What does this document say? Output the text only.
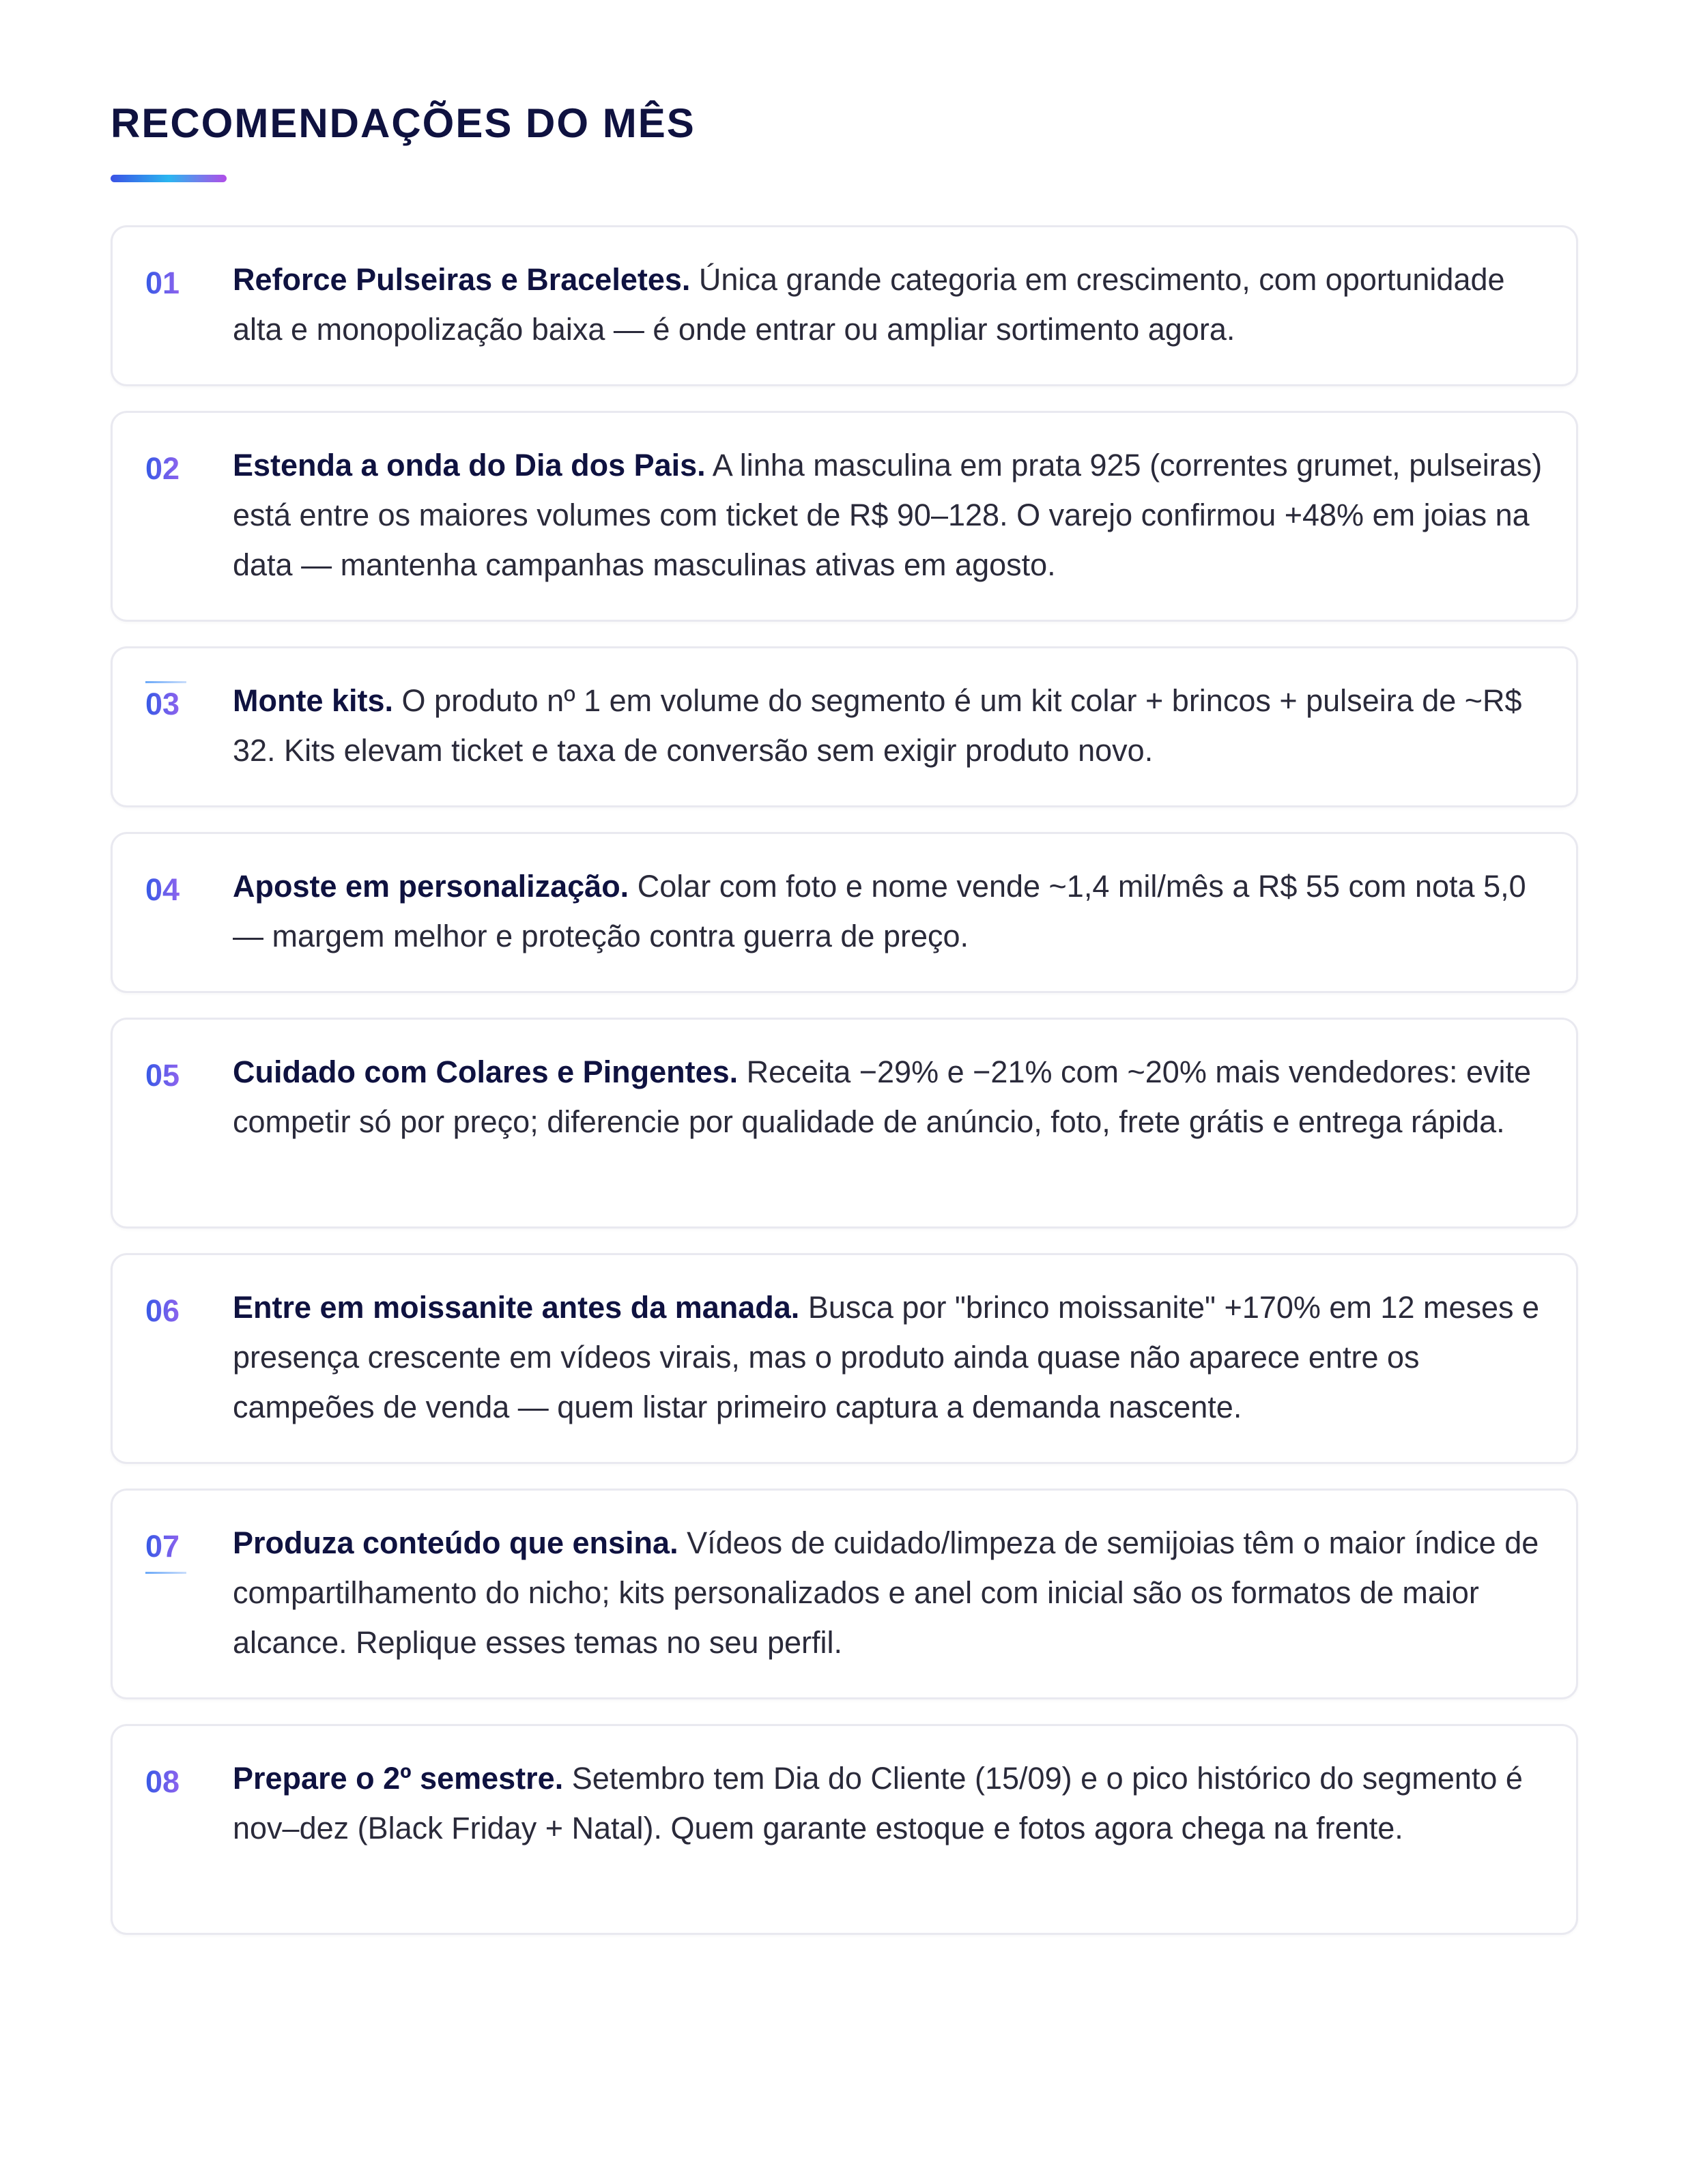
RECOMENDAÇÕES DO MÊS
01 Reforce Pulseiras e Braceletes. Única grande categoria em crescimento, com oportunidade alta e monopolização baixa — é onde entrar ou ampliar sortimento agora.

02 Estenda a onda do Dia dos Pais. A linha masculina em prata 925 (correntes grumet, pulseiras) está entre os maiores volumes com ticket de R$ 90–128. O varejo confirmou +48% em joias na data — mantenha campanhas masculinas ativas em agosto.

03 Monte kits. O produto nº 1 em volume do segmento é um kit colar + brincos + pulseira de ~R$ 32. Kits elevam ticket e taxa de conversão sem exigir produto novo.

04 Aposte em personalização. Colar com foto e nome vende ~1,4 mil/mês a R$ 55 com nota 5,0 — margem melhor e proteção contra guerra de preço.

05 Cuidado com Colares e Pingentes. Receita −29% e −21% com ~20% mais vendedores: evite competir só por preço; diferencie por qualidade de anúncio, foto, frete grátis e entrega rápida.

06 Entre em moissanite antes da manada. Busca por "brinco moissanite" +170% em 12 meses e presença crescente em vídeos virais, mas o produto ainda quase não aparece entre os campeões de venda — quem listar primeiro captura a demanda nascente.

07 Produza conteúdo que ensina. Vídeos de cuidado/limpeza de semijoias têm o maior índice de compartilhamento do nicho; kits personalizados e anel com inicial são os formatos de maior alcance. Replique esses temas no seu perfil.

08 Prepare o 2º semestre. Setembro tem Dia do Cliente (15/09) e o pico histórico do segmento é nov–dez (Black Friday + Natal). Quem garante estoque e fotos agora chega na frente.
